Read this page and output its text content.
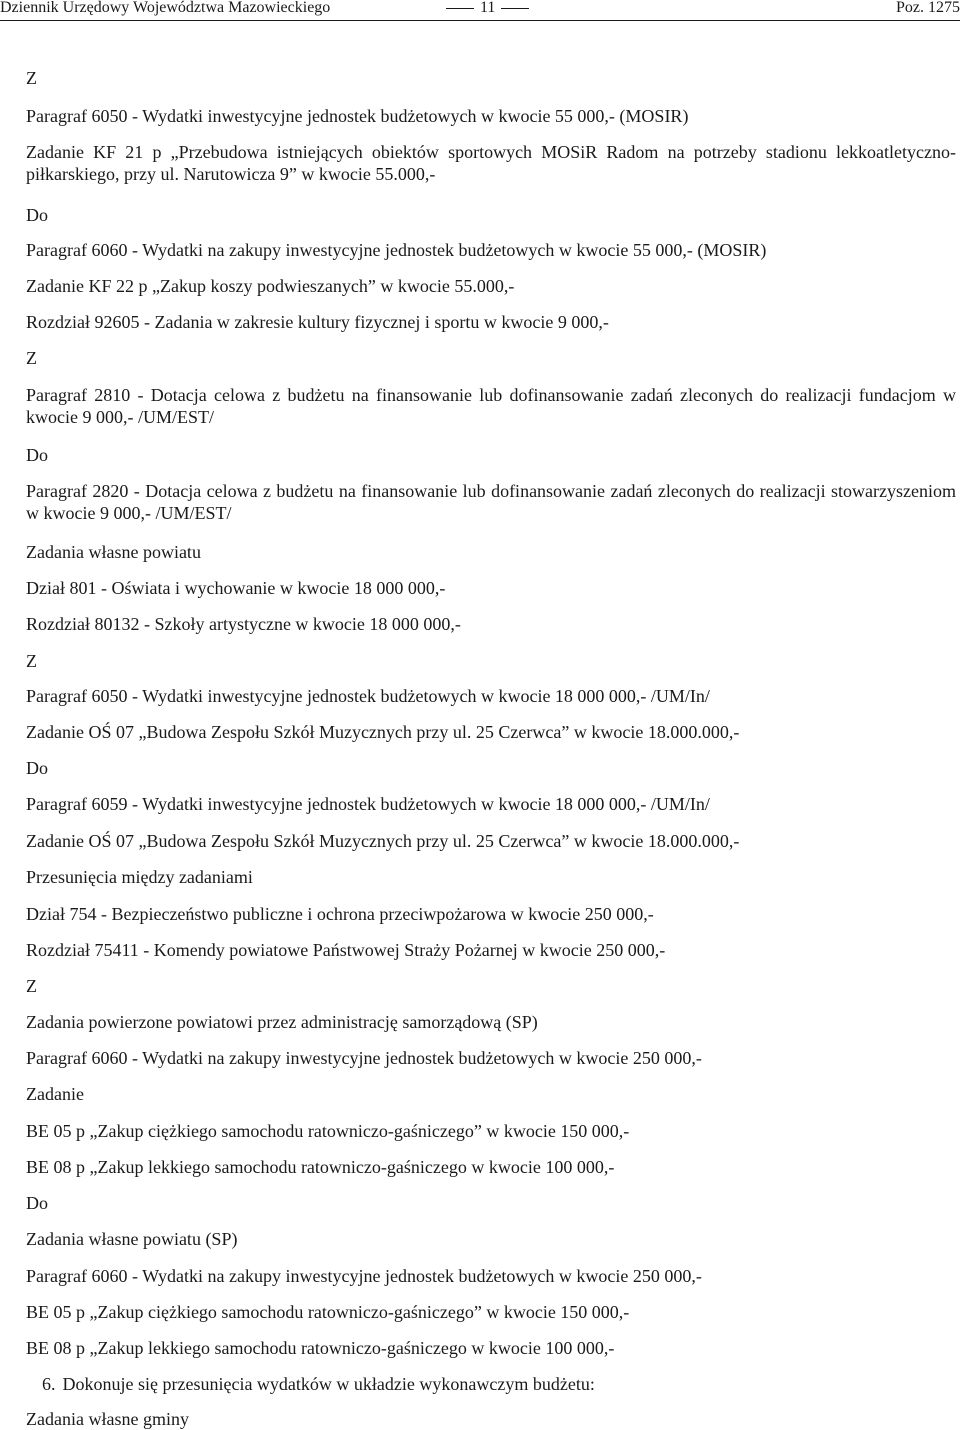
Dziennik Urzędowy Województwa Mazowieckiego	11	Poz. 1275
Z
Paragraf 6050 - Wydatki inwestycyjne jednostek budżetowych w kwocie 55 000,- (MOSIR)
Zadanie KF 21 p „Przebudowa istniejących obiektów sportowych MOSiR Radom na potrzeby stadionu lekkoatletyczno-piłkarskiego, przy ul. Narutowicza 9” w kwocie 55.000,-
Do
Paragraf 6060 - Wydatki na zakupy inwestycyjne jednostek budżetowych w kwocie 55 000,- (MOSIR)
Zadanie KF 22 p „Zakup koszy podwieszanych” w kwocie 55.000,-
Rozdział 92605 - Zadania w zakresie kultury fizycznej i sportu w kwocie 9 000,-
Z
Paragraf 2810 - Dotacja celowa z budżetu na finansowanie lub dofinansowanie zadań zleconych do realizacji fundacjom w kwocie 9 000,- /UM/EST/
Do
Paragraf 2820 - Dotacja celowa z budżetu na finansowanie lub dofinansowanie zadań zleconych do realizacji stowarzyszeniom w kwocie 9 000,- /UM/EST/
Zadania własne powiatu
Dział 801 - Oświata i wychowanie w kwocie 18 000 000,-
Rozdział 80132 - Szkoły artystyczne w kwocie 18 000 000,-
Z
Paragraf 6050 - Wydatki inwestycyjne jednostek budżetowych w kwocie 18 000 000,- /UM/In/
Zadanie OŚ 07 „Budowa Zespołu Szkół Muzycznych przy ul. 25 Czerwca” w kwocie 18.000.000,-
Do
Paragraf 6059 - Wydatki inwestycyjne jednostek budżetowych w kwocie 18 000 000,- /UM/In/
Zadanie OŚ 07 „Budowa Zespołu Szkół Muzycznych przy ul. 25 Czerwca” w kwocie 18.000.000,-
Przesunięcia między zadaniami
Dział 754 - Bezpieczeństwo publiczne i ochrona przeciwpożarowa w kwocie 250 000,-
Rozdział 75411 - Komendy powiatowe Państwowej Straży Pożarnej w kwocie 250 000,-
Z
Zadania powierzone powiatowi przez administrację samorządową (SP)
Paragraf 6060 - Wydatki na zakupy inwestycyjne jednostek budżetowych w kwocie 250 000,-
Zadanie
BE 05 p „Zakup ciężkiego samochodu ratowniczo-gaśniczego” w kwocie 150 000,-
BE 08 p „Zakup lekkiego samochodu ratowniczo-gaśniczego w kwocie 100 000,-
Do
Zadania własne powiatu (SP)
Paragraf 6060 - Wydatki na zakupy inwestycyjne jednostek budżetowych w kwocie 250 000,-
BE 05 p „Zakup ciężkiego samochodu ratowniczo-gaśniczego” w kwocie 150 000,-
BE 08 p „Zakup lekkiego samochodu ratowniczo-gaśniczego w kwocie 100 000,-
6. Dokonuje się przesunięcia wydatków w układzie wykonawczym budżetu:
Zadania własne gminy
